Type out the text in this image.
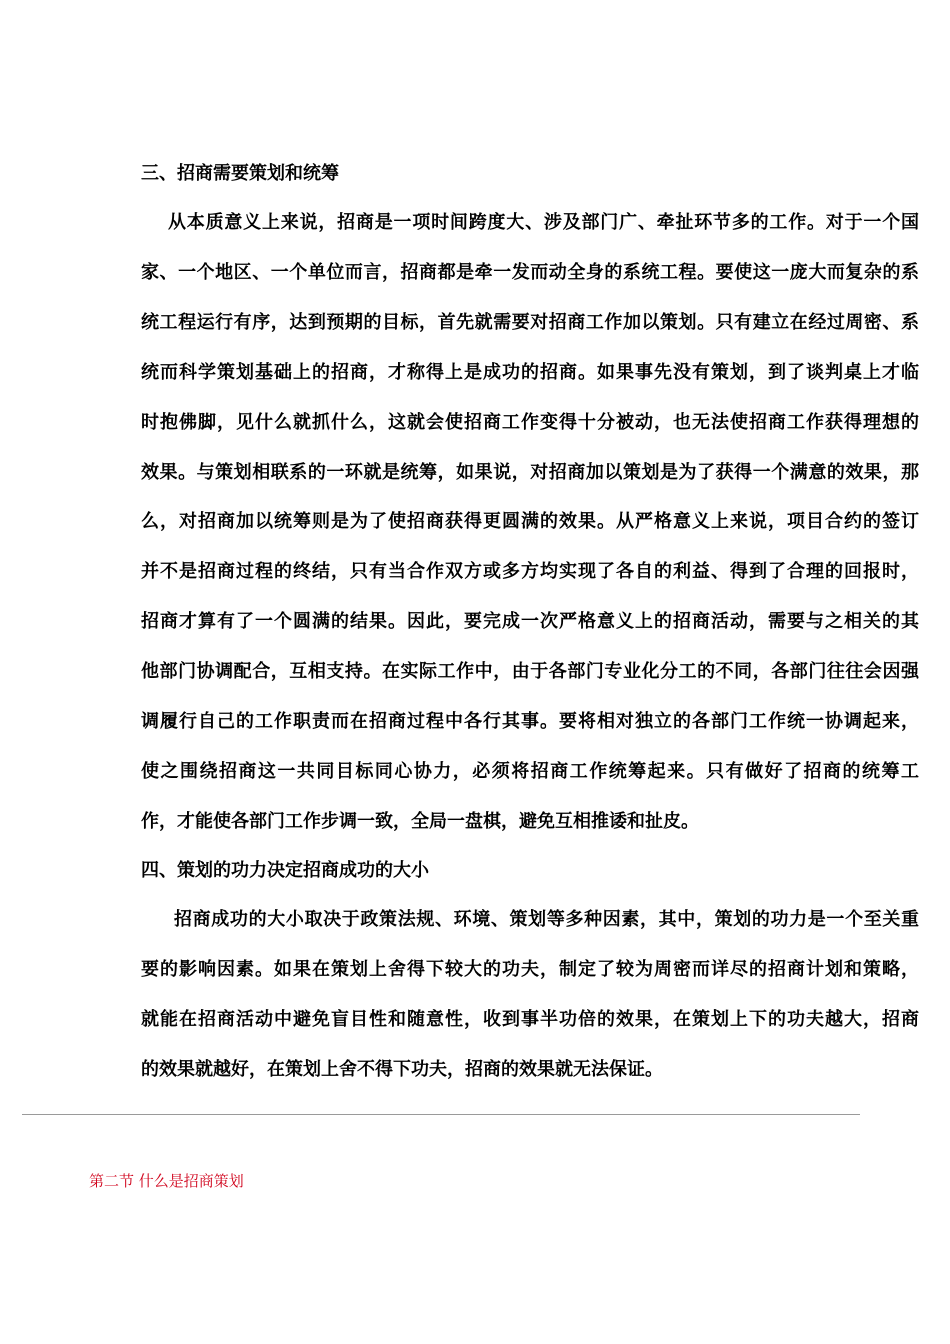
三、招商需要策划和统筹
从本质意义上来说，招商是一项时间跨度大、涉及部门广、牵扯环节多的工作。对于一个国
家、一个地区、一个单位而言，招商都是牵一发而动全身的系统工程。要使这一庞大而复杂的系
统工程运行有序，达到预期的目标，首先就需要对招商工作加以策划。只有建立在经过周密、系
统而科学策划基础上的招商，才称得上是成功的招商。如果事先没有策划，到了谈判桌上才临
时抱佛脚，见什么就抓什么，这就会使招商工作变得十分被动，也无法使招商工作获得理想的
效果。与策划相联系的一环就是统筹，如果说，对招商加以策划是为了获得一个满意的效果，那
么，对招商加以统筹则是为了使招商获得更圆满的效果。从严格意义上来说，项目合约的签订
并不是招商过程的终结，只有当合作双方或多方均实现了各自的利益、得到了合理的回报时，
招商才算有了一个圆满的结果。因此，要完成一次严格意义上的招商活动，需要与之相关的其
他部门协调配合，互相支持。在实际工作中，由于各部门专业化分工的不同，各部门往往会因强
调履行自己的工作职责而在招商过程中各行其事。要将相对独立的各部门工作统一协调起来，
使之围绕招商这一共同目标同心协力，必须将招商工作统筹起来。只有做好了招商的统筹工
作，才能使各部门工作步调一致，全局一盘棋，避免互相推诿和扯皮。
四、策划的功力决定招商成功的大小
招商成功的大小取决于政策法规、环境、策划等多种因素，其中，策划的功力是一个至关重
要的影响因素。如果在策划上舍得下较大的功夫，制定了较为周密而详尽的招商计划和策略，
就能在招商活动中避免盲目性和随意性，收到事半功倍的效果，在策划上下的功夫越大，招商
的效果就越好，在策划上舍不得下功夫，招商的效果就无法保证。
第二节 什么是招商策划
